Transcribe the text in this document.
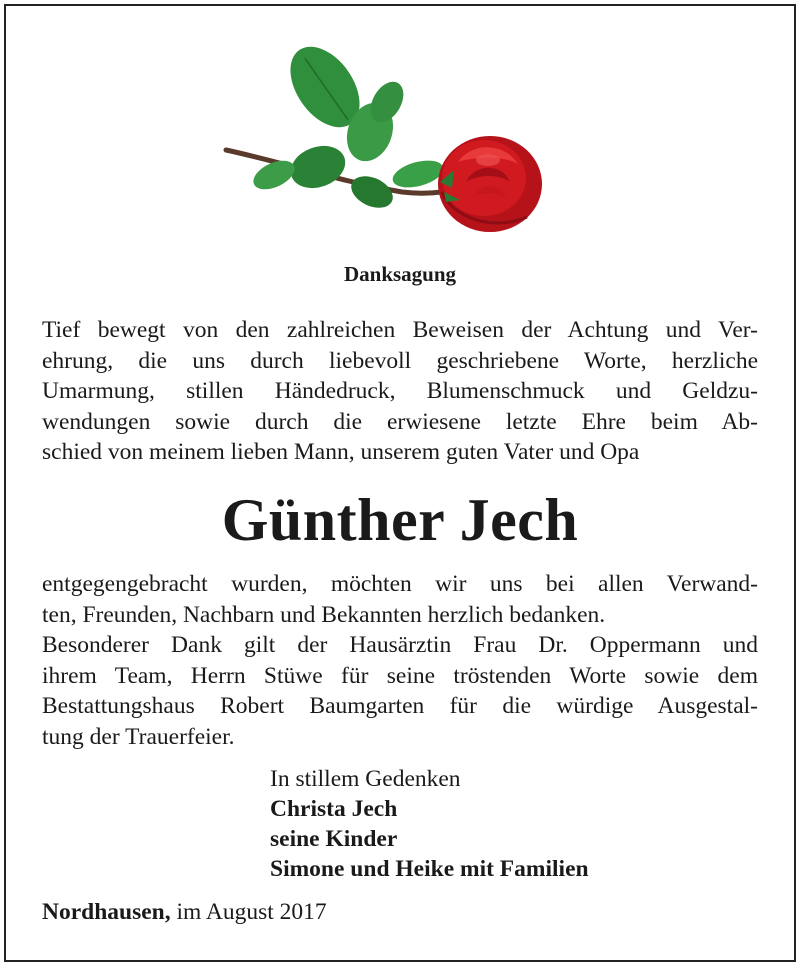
Danksagung
Tief bewegt von den zahlreichen Beweisen der Achtung und Ver-
ehrung, die uns durch liebevoll geschriebene Worte, herzliche
Umarmung, stillen Händedruck, Blumenschmuck und Geldzu-
wendungen sowie durch die erwiesene letzte Ehre beim Ab-
schied von meinem lieben Mann, unserem guten Vater und Opa
Günther Jech
entgegengebracht wurden, möchten wir uns bei allen Verwand-
ten, Freunden, Nachbarn und Bekannten herzlich bedanken.
Besonderer Dank gilt der Hausärztin Frau Dr. Oppermann und
ihrem Team, Herrn Stüwe für seine tröstenden Worte sowie dem
Bestattungshaus Robert Baumgarten für die würdige Ausgestal-
tung der Trauerfeier.
In stillem Gedenken
Christa Jech
seine Kinder
Simone und Heike mit Familien
Nordhausen, im August 2017
